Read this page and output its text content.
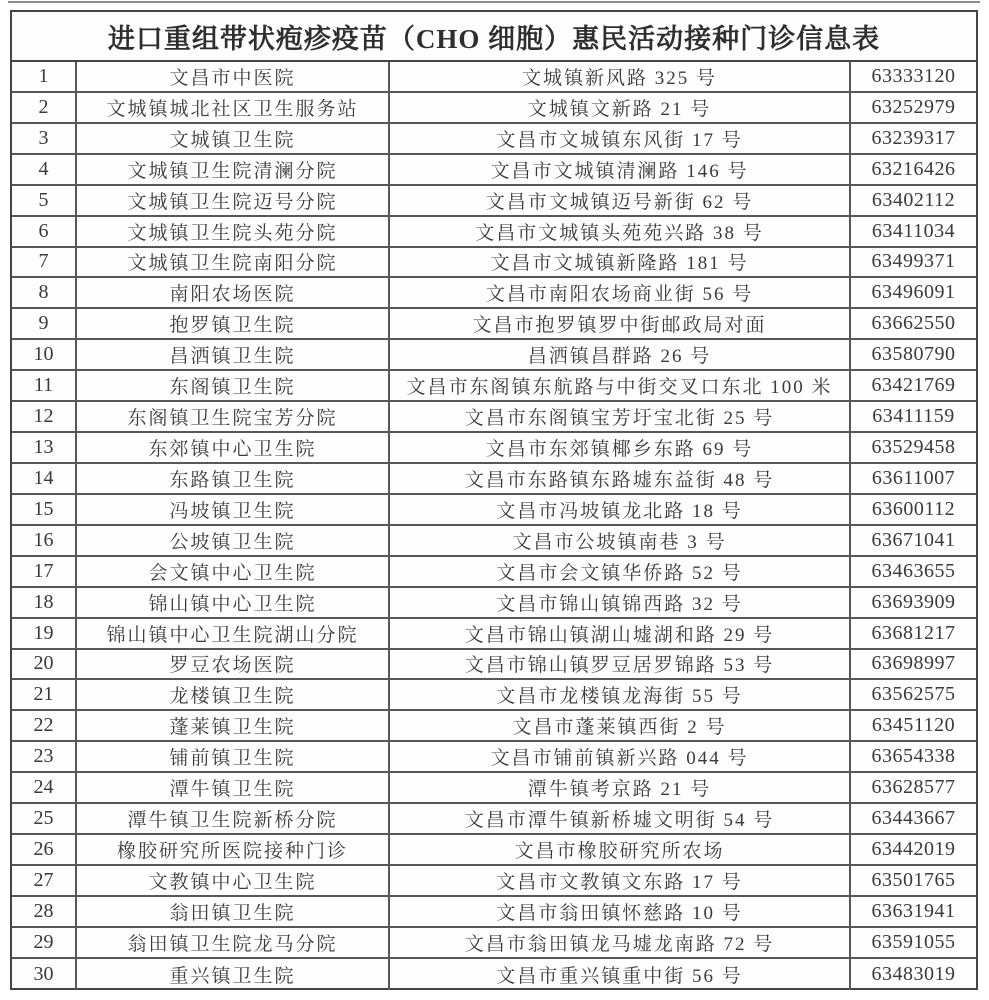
进口重组带状疱疹疫苗（CHO 细胞）惠民活动接种门诊信息表
1	文昌市中医院	文城镇新风路 325 号	63333120
2	文城镇城北社区卫生服务站	文城镇文新路 21 号	63252979
3	文城镇卫生院	文昌市文城镇东风街 17 号	63239317
4	文城镇卫生院清澜分院	文昌市文城镇清澜路 146 号	63216426
5	文城镇卫生院迈号分院	文昌市文城镇迈号新街 62 号	63402112
6	文城镇卫生院头苑分院	文昌市文城镇头苑苑兴路 38 号	63411034
7	文城镇卫生院南阳分院	文昌市文城镇新隆路 181 号	63499371
8	南阳农场医院	文昌市南阳农场商业街 56 号	63496091
9	抱罗镇卫生院	文昌市抱罗镇罗中街邮政局对面	63662550
10	昌洒镇卫生院	昌洒镇昌群路 26 号	63580790
11	东阁镇卫生院	文昌市东阁镇东航路与中街交叉口东北 100 米	63421769
12	东阁镇卫生院宝芳分院	文昌市东阁镇宝芳圩宝北街 25 号	63411159
13	东郊镇中心卫生院	文昌市东郊镇椰乡东路 69 号	63529458
14	东路镇卫生院	文昌市东路镇东路墟东益街 48 号	63611007
15	冯坡镇卫生院	文昌市冯坡镇龙北路 18 号	63600112
16	公坡镇卫生院	文昌市公坡镇南巷 3 号	63671041
17	会文镇中心卫生院	文昌市会文镇华侨路 52 号	63463655
18	锦山镇中心卫生院	文昌市锦山镇锦西路 32 号	63693909
19	锦山镇中心卫生院湖山分院	文昌市锦山镇湖山墟湖和路 29 号	63681217
20	罗豆农场医院	文昌市锦山镇罗豆居罗锦路 53 号	63698997
21	龙楼镇卫生院	文昌市龙楼镇龙海街 55 号	63562575
22	蓬莱镇卫生院	文昌市蓬莱镇西街 2 号	63451120
23	铺前镇卫生院	文昌市铺前镇新兴路 044 号	63654338
24	潭牛镇卫生院	潭牛镇考京路 21 号	63628577
25	潭牛镇卫生院新桥分院	文昌市潭牛镇新桥墟文明街 54 号	63443667
26	橡胶研究所医院接种门诊	文昌市橡胶研究所农场	63442019
27	文教镇中心卫生院	文昌市文教镇文东路 17 号	63501765
28	翁田镇卫生院	文昌市翁田镇怀慈路 10 号	63631941
29	翁田镇卫生院龙马分院	文昌市翁田镇龙马墟龙南路 72 号	63591055
30	重兴镇卫生院	文昌市重兴镇重中街 56 号	63483019
